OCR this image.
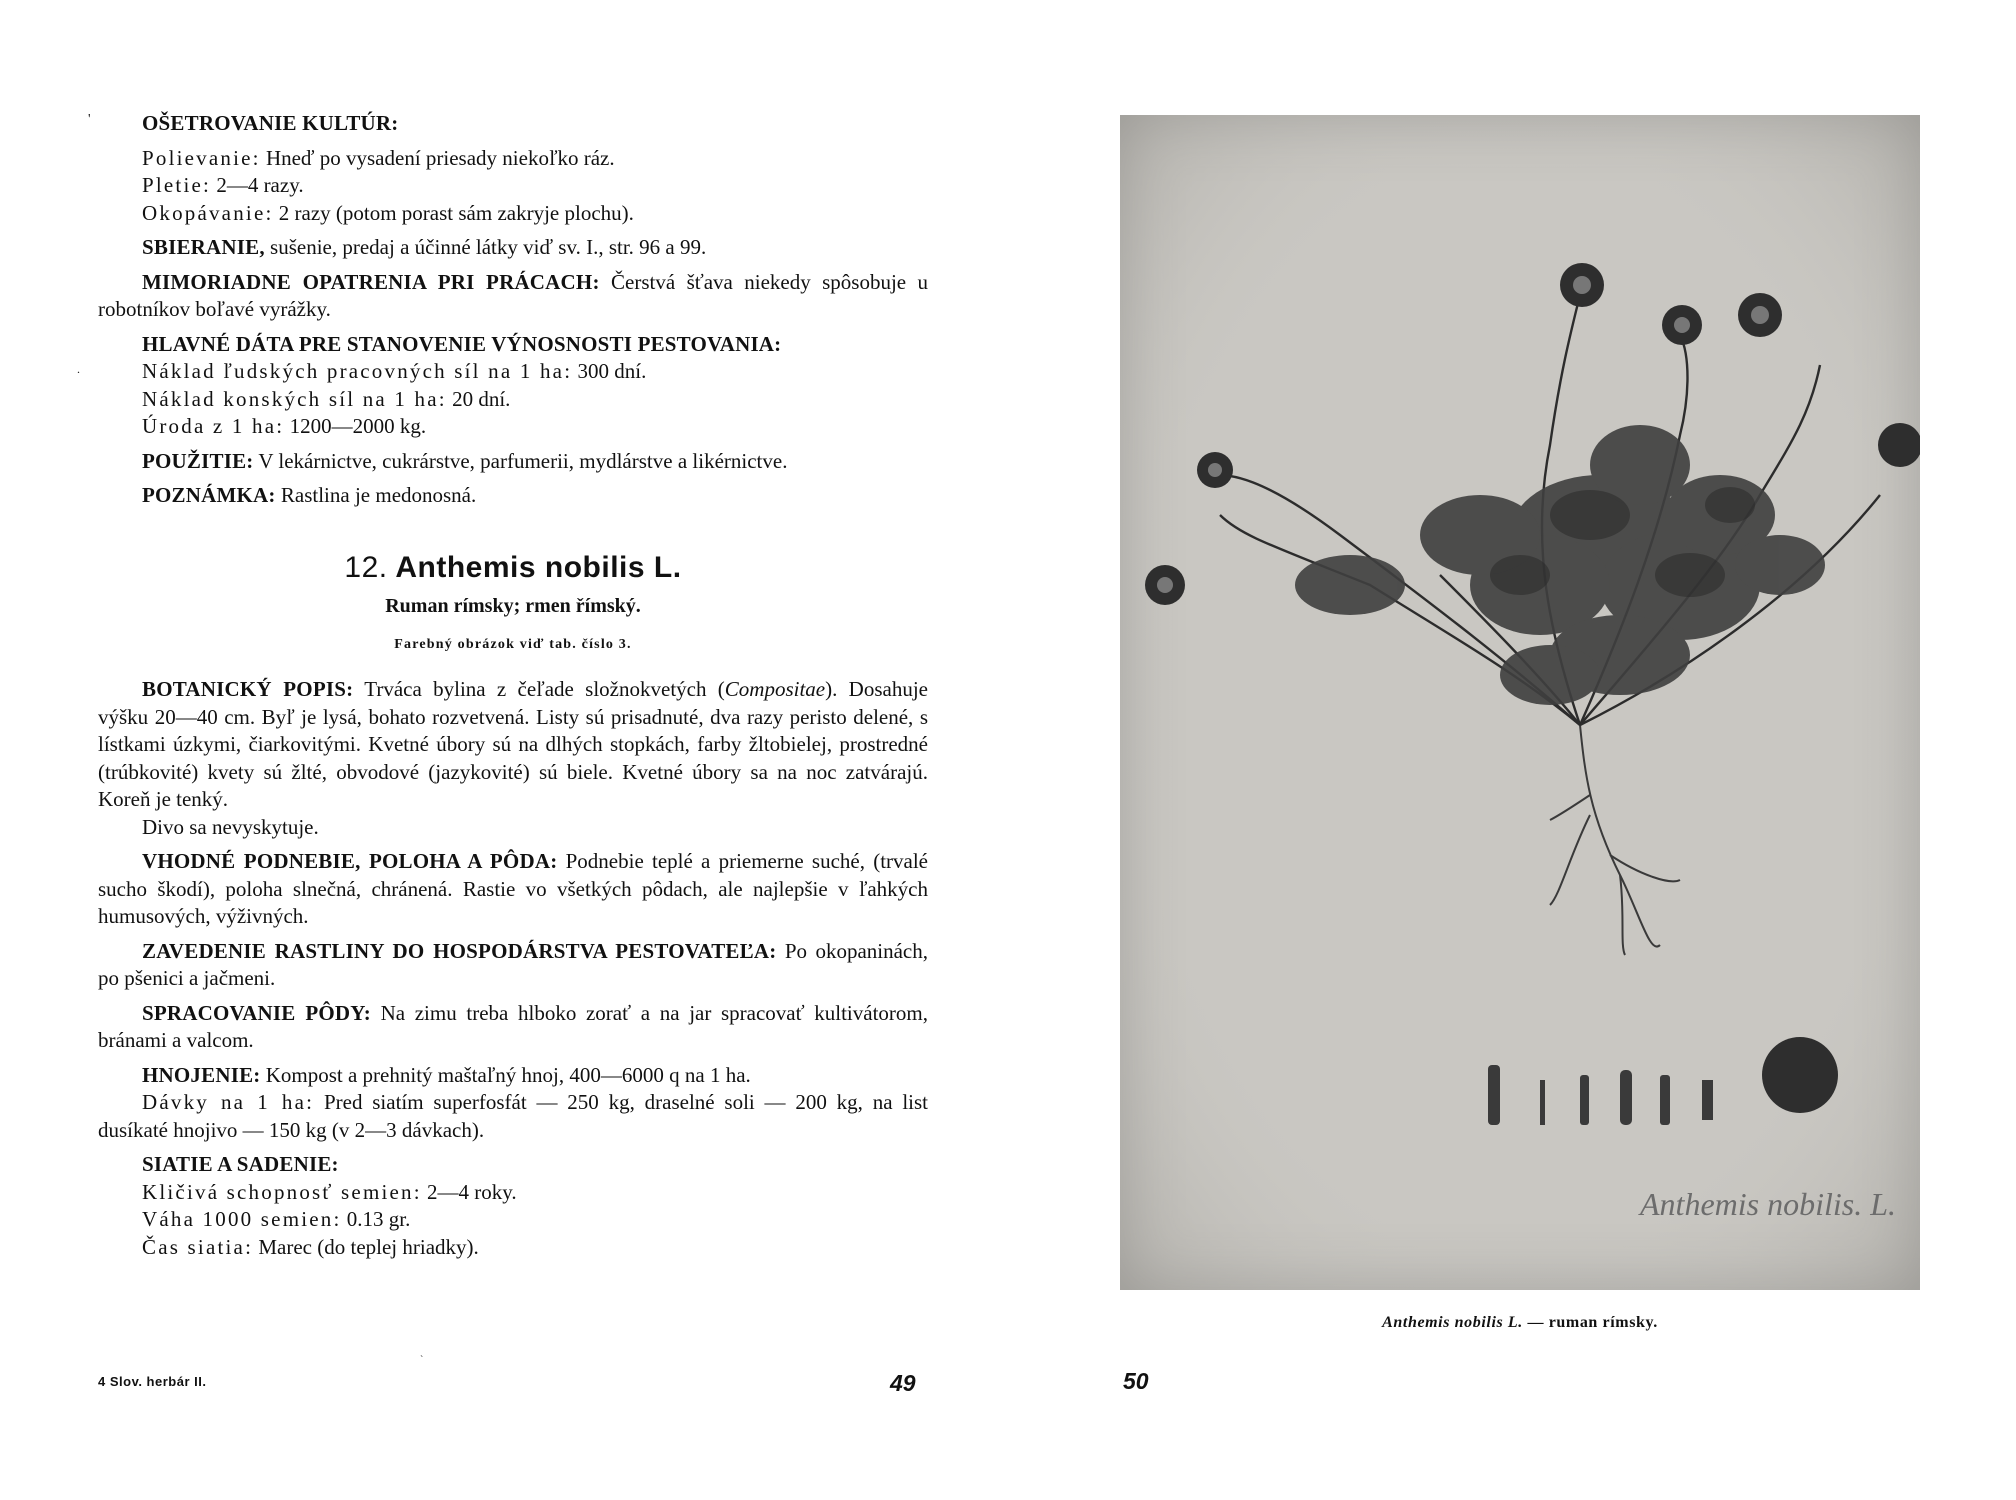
'
.
OŠETROVANIE KULTÚR:
Polievanie: Hneď po vysadení priesady niekoľko ráz.
Pletie: 2—4 razy.
Okopávanie: 2 razy (potom porast sám zakryje plochu).

SBIERANIE, sušenie, predaj a účinné látky viď sv. I., str. 96 a 99.

MIMORIADNE OPATRENIA PRI PRÁCACH: Čerstvá šťava niekedy spôsobuje u robotníkov boľavé vyrážky.

HLAVNÉ DÁTA PRE STANOVENIE VÝNOSNOSTI PESTOVANIA:
Náklad ľudských pracovných síl na 1 ha: 300 dní.
Náklad konských síl na 1 ha: 20 dní.
Úroda z 1 ha: 1200—2000 kg.

POUŽITIE: V lekárnictve, cukrárstve, parfumerii, mydlárstve a likérnictve.

POZNÁMKA: Rastlina je medonosná.

12. Anthemis nobilis L.
Ruman rímsky; rmen římský.
Farebný obrázok viď tab. číslo 3.

BOTANICKÝ POPIS: Trváca bylina z čeľade složnokvetých (Compositae). Dosahuje výšku 20—40 cm. Byľ je lysá, bohato rozvetvená. Listy sú prisadnuté, dva razy peristo delené, s lístkami úzkymi, čiarkovitými. Kvetné úbory sú na dlhých stopkách, farby žltobielej, prostredné (trúbkovité) kvety sú žlté, obvodové (jazykovité) sú biele. Kvetné úbory sa na noc zatvárajú. Koreň je tenký.

Divo sa nevyskytuje.

VHODNÉ PODNEBIE, POLOHA A PÔDA: Podnebie teplé a priemerne suché, (trvalé sucho škodí), poloha slnečná, chránená. Rastie vo všetkých pôdach, ale najlepšie v ľahkých humusových, výživných.

ZAVEDENIE RASTLINY DO HOSPODÁRSTVA PESTOVATEĽA: Po okopaninách, po pšenici a jačmeni.

SPRACOVANIE PÔDY: Na zimu treba hlboko zorať a na jar spracovať kultivátorom, bránami a valcom.

HNOJENIE: Kompost a prehnitý maštaľný hnoj, 400—6000 q na 1 ha.

Dávky na 1 ha: Pred siatím superfosfát — 250 kg, draselné soli — 200 kg, na list dusíkaté hnojivo — 150 kg (v 2—3 dávkach).

SIATIE A SADENIE:
Kličivá schopnosť semien: 2—4 roky.
Váha 1000 semien: 0.13 gr.
Čas siatia: Marec (do teplej hriadky).
4 Slov. herbár II.
`
49
Anthemis nobilis. L.
Anthemis nobilis L. — ruman rímsky.
50
